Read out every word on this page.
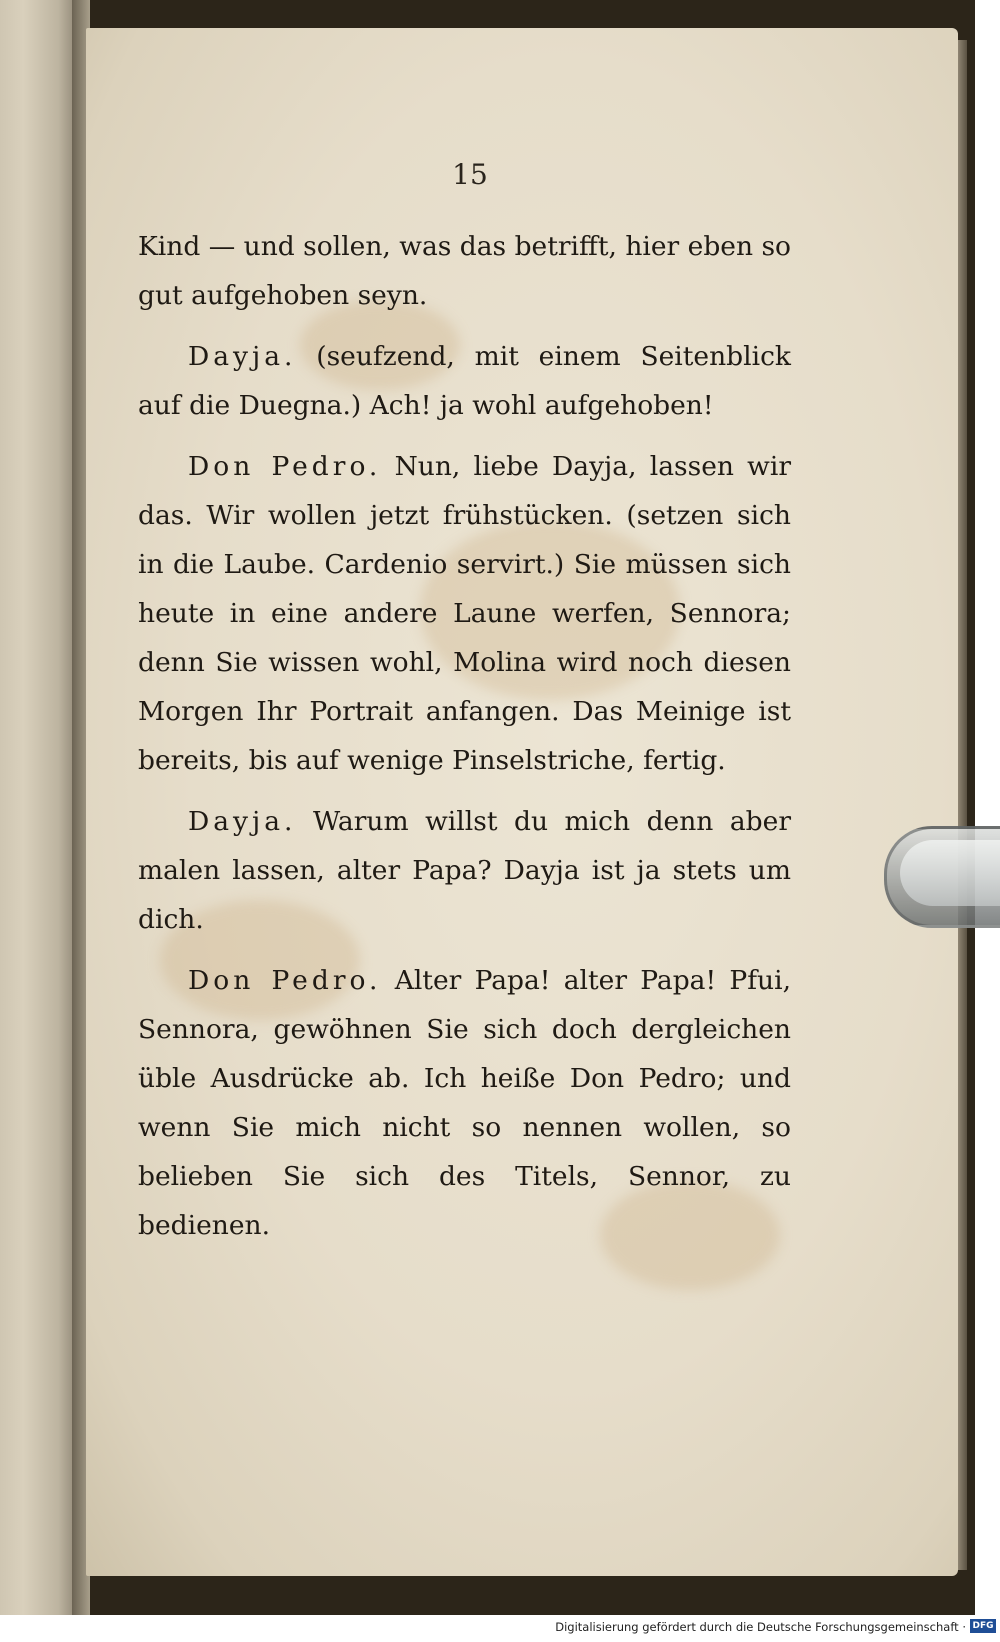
15

Kind — und sollen, was das betrifft, hier eben so gut aufgehoben seyn.

Dayja. (seufzend, mit einem Seitenblick auf die Duegna.) Ach! ja wohl aufgehoben!

Don Pedro. Nun, liebe Dayja, lassen wir das. Wir wollen jetzt frühstücken. (setzen sich in die Laube. Cardenio servirt.) Sie müssen sich heute in eine andere Laune werfen, Sennora; denn Sie wissen wohl, Molina wird noch diesen Morgen Ihr Portrait anfangen. Das Meinige ist bereits, bis auf wenige Pinselstriche, fertig.

Dayja. Warum willst du mich denn aber malen lassen, alter Papa? Dayja ist ja stets um dich.

Don Pedro. Alter Papa! alter Papa! Pfui, Sennora, gewöhnen Sie sich doch dergleichen üble Ausdrücke ab. Ich heiße Don Pedro; und wenn Sie mich nicht so nennen wollen, so belieben Sie sich des Titels, Sennor, zu bedienen.

Digitalisierung gefördert durch die Deutsche Forschungsgemeinschaft · DFG
